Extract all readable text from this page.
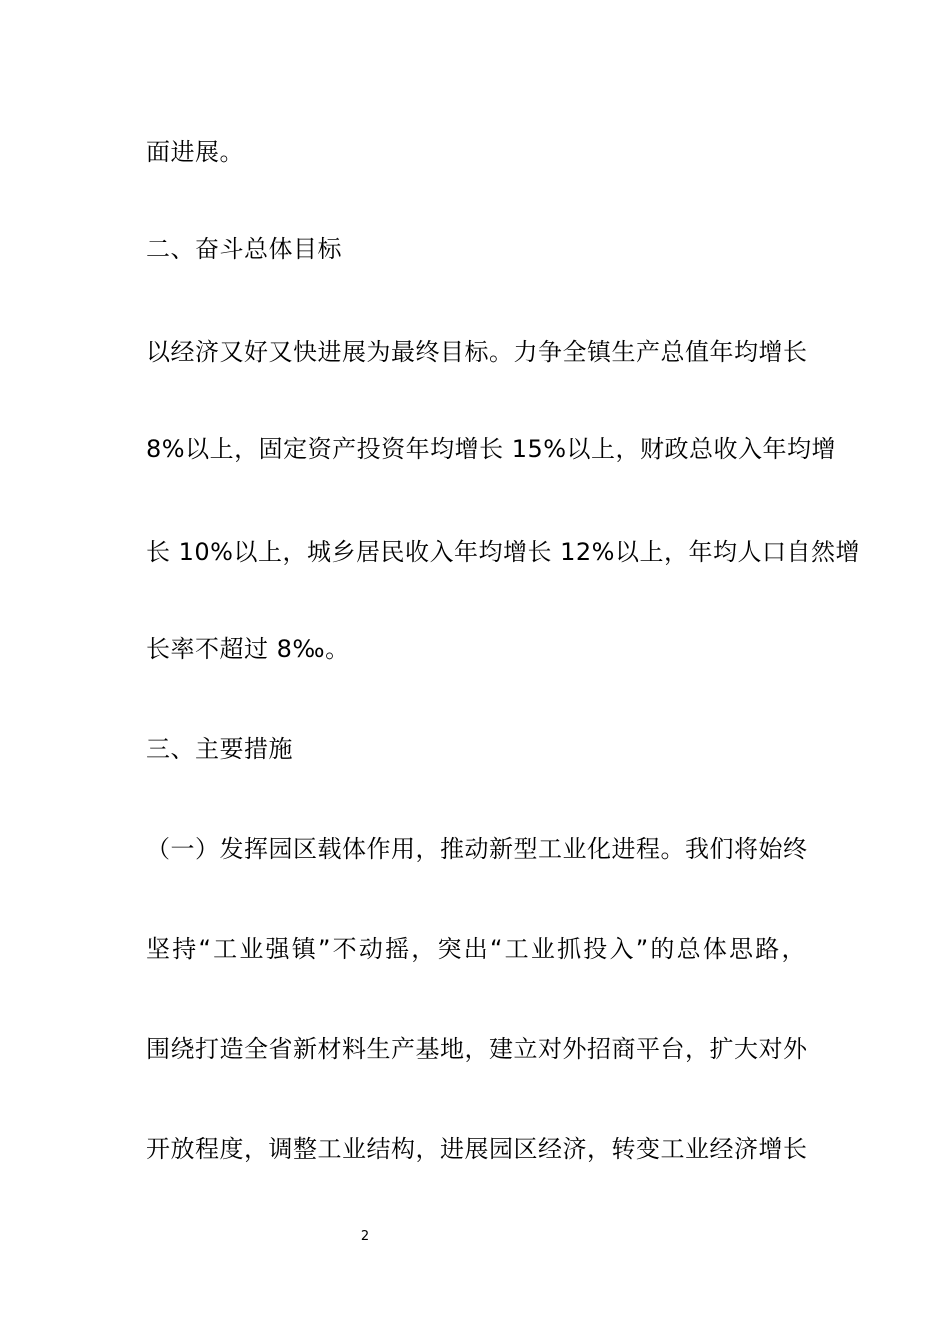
面进展。
二、奋斗总体目标
以经济又好又快进展为最终目标。力争全镇生产总值年均增长
8%以上，固定资产投资年均增长 15%以上，财政总收入年均增
长 10%以上，城乡居民收入年均增长 12%以上，年均人口自然增
长率不超过 8‰。
三、主要措施
（一）发挥园区载体作用，推动新型工业化进程。我们将始终
坚持“工业强镇”不动摇，突出“工业抓投入”的总体思路，
围绕打造全省新材料生产基地，建立对外招商平台，扩大对外
开放程度，调整工业结构，进展园区经济，转变工业经济增长
2
